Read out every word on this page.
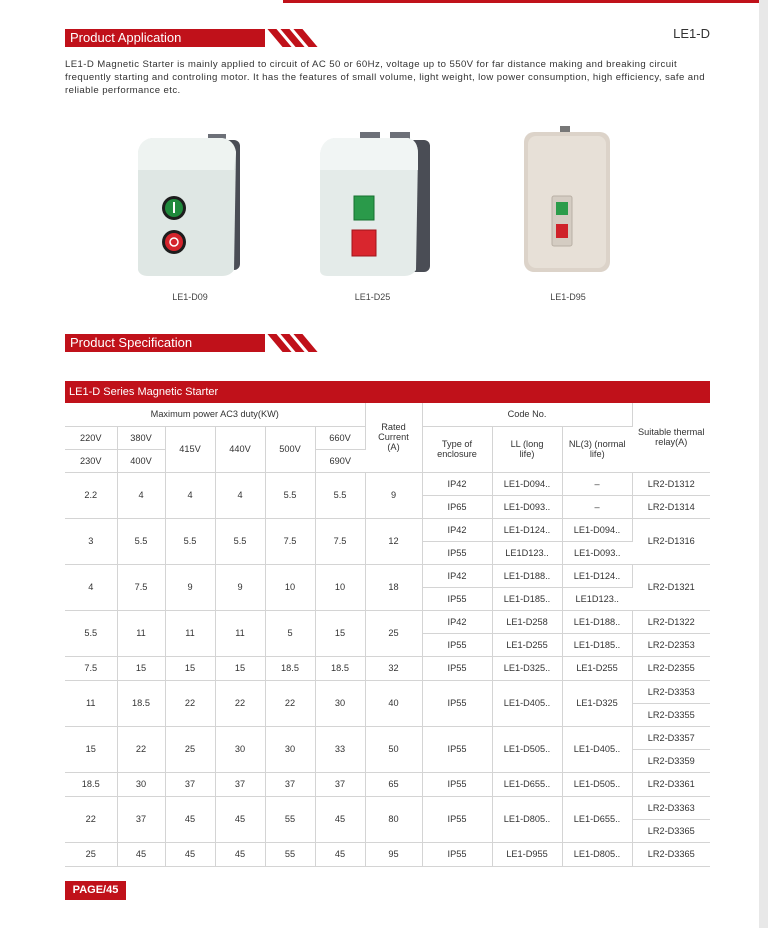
Product Application	LE1-D
LE1-D Magnetic Starter is mainly applied to circuit of AC 50 or 60Hz, voltage up to 550V for far distance making and breaking circuit frequently starting and controling motor. It has the features of small volume, light weight, low power consumption, high efficiency, safe and reliable performance etc.
LE1-D09	LE1-D25	LE1-D95
Product Specification
LE1-D Series Magnetic Starter
Maximum power AC3 duty(KW)						Rated Current (A)	Code No.			Suitable thermal relay(A)
220V	380V	415V	440V	500V	660V		Type of enclosure	LL (long life)	NL(3) (normal life)	
230V	400V				690V					
2.2	4	4	4	5.5	5.5	9	IP42	LE1-D094..	–	LR2-D1312
							IP65	LE1-D093..	–	LR2-D1314
3	5.5	5.5	5.5	7.5	7.5	12	IP42	LE1-D124..	LE1-D094..	LR2-D1316
							IP55	LE1D123..	LE1-D093..	
4	7.5	9	9	10	10	18	IP42	LE1-D188..	LE1-D124..	LR2-D1321
							IP55	LE1-D185..	LE1D123..	
5.5	11	11	11	5	15	25	IP42	LE1-D258	LE1-D188..	LR2-D1322
							IP55	LE1-D255	LE1-D185..	LR2-D2353
7.5	15	15	15	18.5	18.5	32	IP55	LE1-D325..	LE1-D255	LR2-D2355
11	18.5	22	22	22	30	40	IP55	LE1-D405..	LE1-D325	LR2-D3353
										LR2-D3355
15	22	25	30	30	33	50	IP55	LE1-D505..	LE1-D405..	LR2-D3357
										LR2-D3359
18.5	30	37	37	37	37	65	IP55	LE1-D655..	LE1-D505..	LR2-D3361
22	37	45	45	55	45	80	IP55	LE1-D805..	LE1-D655..	LR2-D3363
										LR2-D3365
25	45	45	45	55	45	95	IP55	LE1-D955	LE1-D805..	LR2-D3365
PAGE/45
